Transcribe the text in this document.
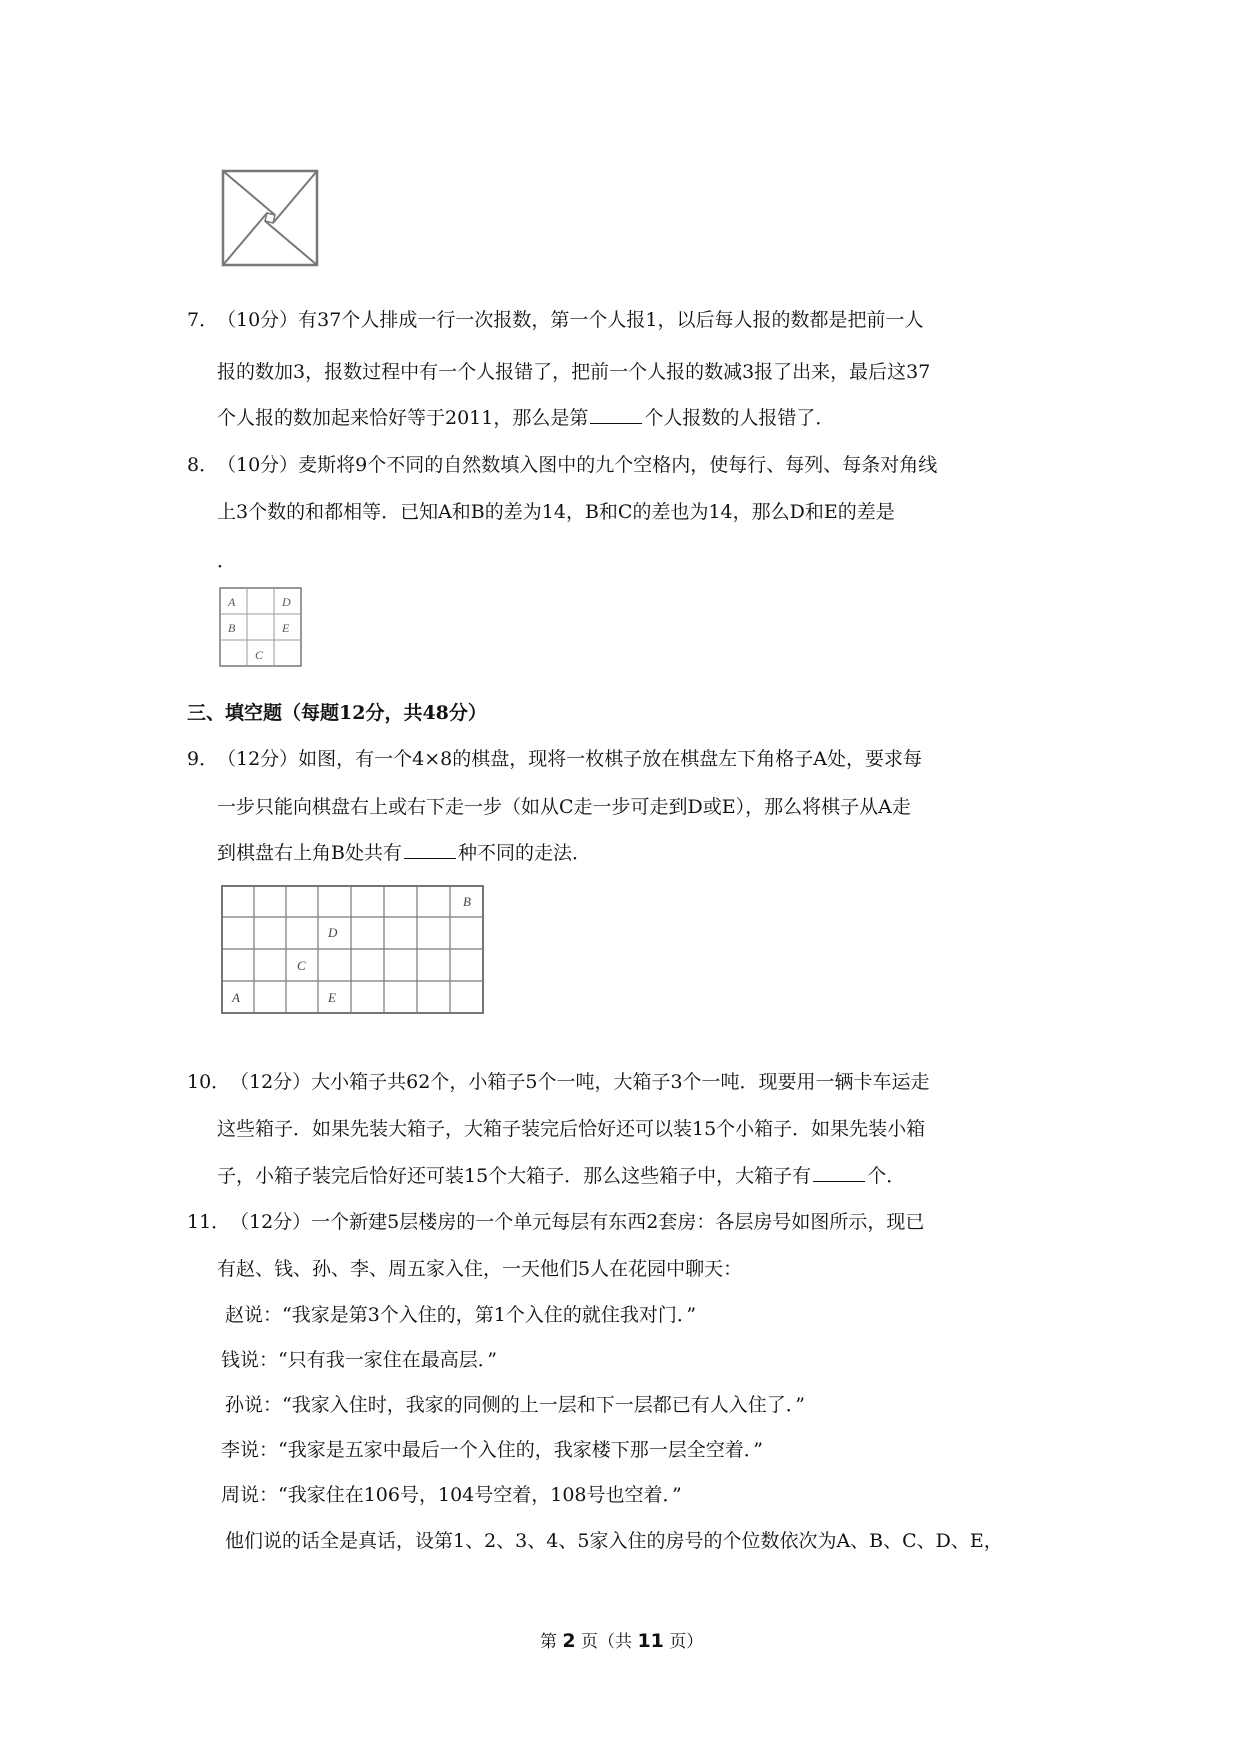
7．
（10分）有37个人排成一行一次报数，第一个人报1，以后每人报的数都是把前一人
报的数加3，报数过程中有一个人报错了，把前一个人报的数减3报了出来，最后这37
个人报的数加起来恰好等于2011，那么是第	个人报数的人报错了．
8．
（10分）麦斯将9个不同的自然数填入图中的九个空格内，使每行、每列、每条对角线
上3个数的和都相等．已知A和B的差为14，B和C的差也为14，那么D和E的差是
．
A	D
B	E
C
三、填空题（每题12分，共48分）
9．
（12分）如图，有一个4×8的棋盘，现将一枚棋子放在棋盘左下角格子A处，要求每
一步只能向棋盘右上或右下走一步（如从C走一步可走到D或E），那么将棋子从A走
到棋盘右上角B处共有	种不同的走法．
B
D
C
A	E
10． （12分）大小箱子共62个，小箱子5个一吨，大箱子3个一吨．现要用一辆卡车运走
这些箱子．如果先装大箱子，大箱子装完后恰好还可以装15个小箱子．如果先装小箱
子，小箱子装完后恰好还可装15个大箱子．那么这些箱子中，大箱子有	个．
11． （12分）一个新建5层楼房的一个单元每层有东西2套房：各层房号如图所示，现已
有赵、钱、孙、李、周五家入住，一天他们5人在花园中聊天：
赵说：“我家是第3个入住的，第1个入住的就住我对门．”
钱说：“只有我一家住在最高层．”
孙说：“我家入住时，我家的同侧的上一层和下一层都已有人入住了．”
李说：“我家是五家中最后一个入住的，我家楼下那一层全空着．”
周说：“我家住在106号，104号空着，108号也空着．”
他们说的话全是真话，设第1、2、3、4、5家入住的房号的个位数依次为A、B、C、D、E，
第 2 页（共 11 页）
